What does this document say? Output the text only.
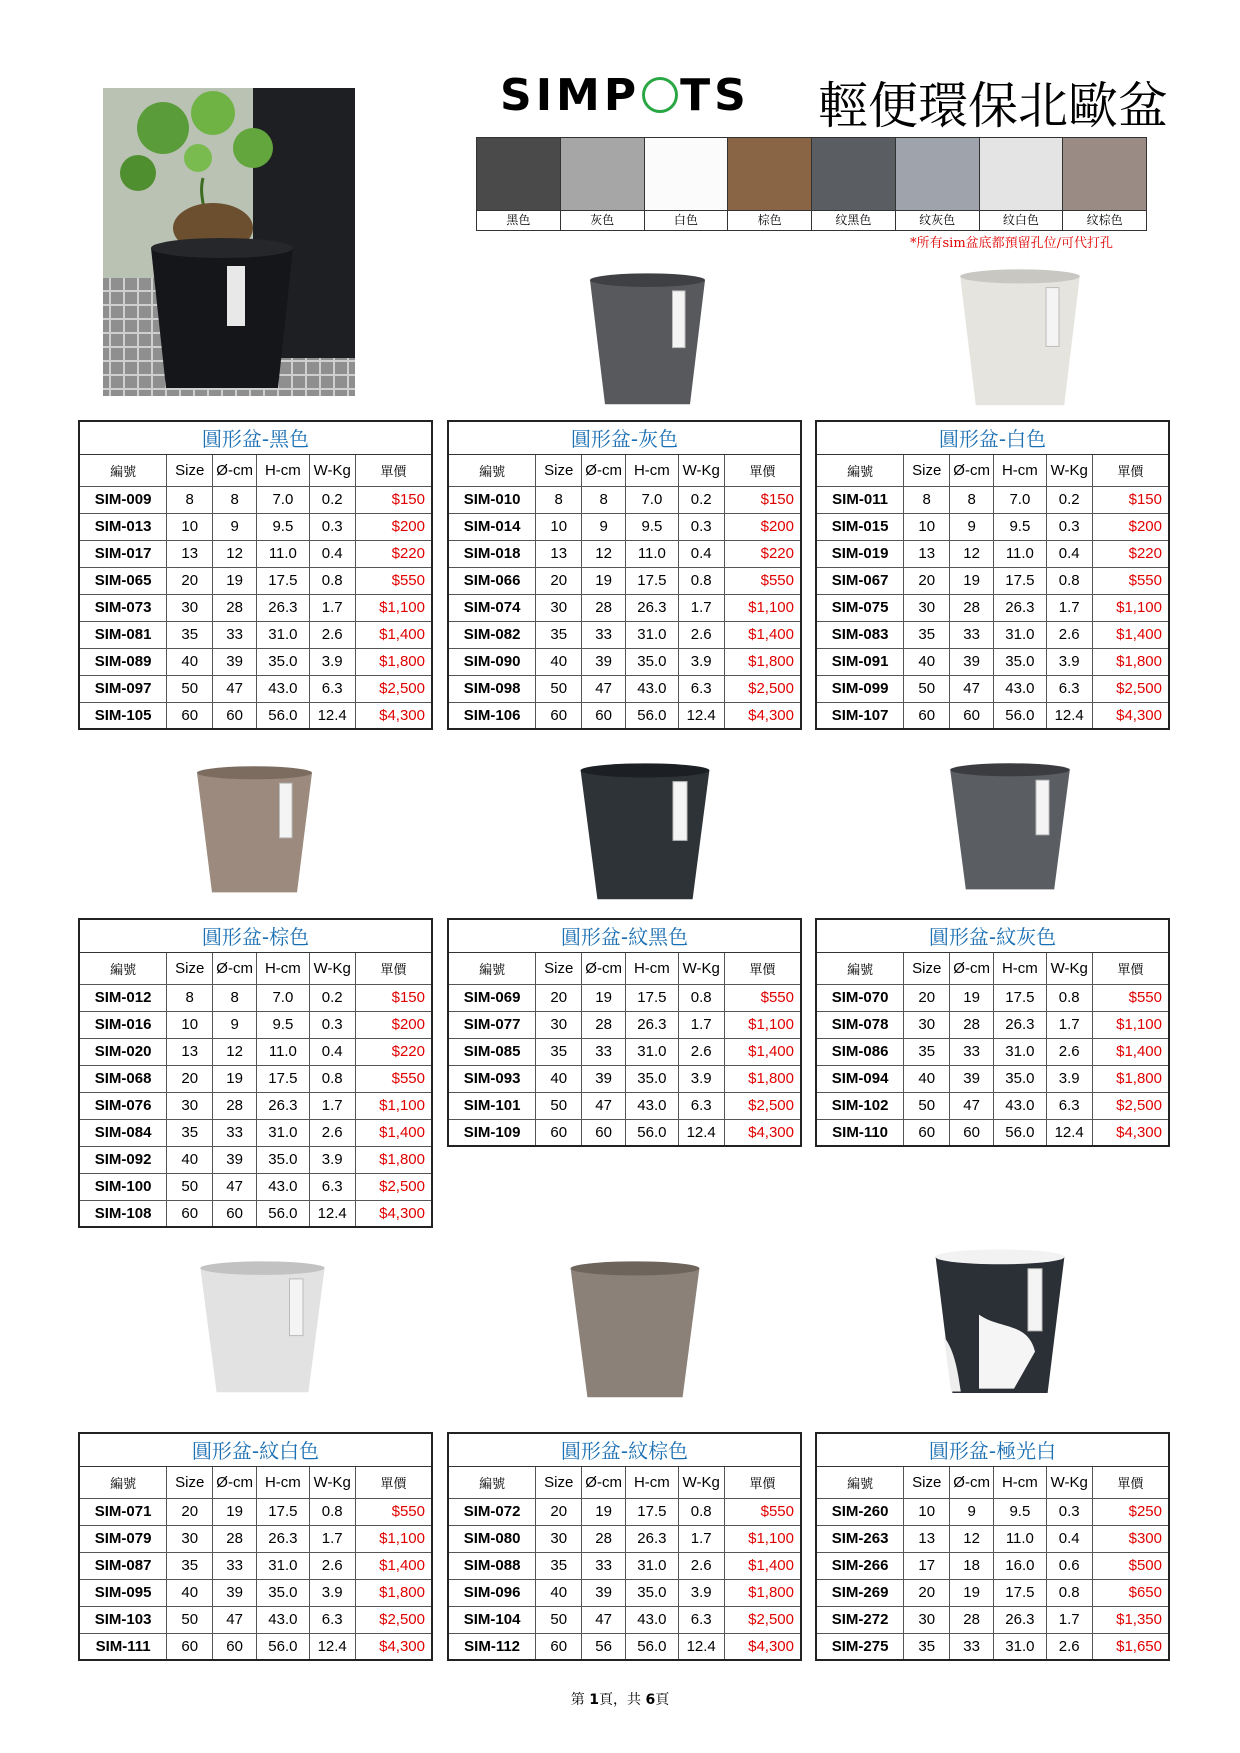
SIMP TS	輕便環保北歐盆
黑色	灰色	白色	棕色	纹黑色	纹灰色	纹白色	纹棕色
*所有sim盆底都預留孔位/可代打孔
圓形盆-黑色					
編號	Size	Ø-cm	H-cm	W-Kg	單價
SIM-009	8	8	7.0	0.2	$150
SIM-013	10	9	9.5	0.3	$200
SIM-017	13	12	11.0	0.4	$220
SIM-065	20	19	17.5	0.8	$550
SIM-073	30	28	26.3	1.7	$1,100
SIM-081	35	33	31.0	2.6	$1,400
SIM-089	40	39	35.0	3.9	$1,800
SIM-097	50	47	43.0	6.3	$2,500
SIM-105	60	60	56.0	12.4	$4,300
圓形盆-灰色					
編號	Size	Ø-cm	H-cm	W-Kg	單價
SIM-010	8	8	7.0	0.2	$150
SIM-014	10	9	9.5	0.3	$200
SIM-018	13	12	11.0	0.4	$220
SIM-066	20	19	17.5	0.8	$550
SIM-074	30	28	26.3	1.7	$1,100
SIM-082	35	33	31.0	2.6	$1,400
SIM-090	40	39	35.0	3.9	$1,800
SIM-098	50	47	43.0	6.3	$2,500
SIM-106	60	60	56.0	12.4	$4,300
圓形盆-白色					
編號	Size	Ø-cm	H-cm	W-Kg	單價
SIM-011	8	8	7.0	0.2	$150
SIM-015	10	9	9.5	0.3	$200
SIM-019	13	12	11.0	0.4	$220
SIM-067	20	19	17.5	0.8	$550
SIM-075	30	28	26.3	1.7	$1,100
SIM-083	35	33	31.0	2.6	$1,400
SIM-091	40	39	35.0	3.9	$1,800
SIM-099	50	47	43.0	6.3	$2,500
SIM-107	60	60	56.0	12.4	$4,300
圓形盆-棕色					
編號	Size	Ø-cm	H-cm	W-Kg	單價
SIM-012	8	8	7.0	0.2	$150
SIM-016	10	9	9.5	0.3	$200
SIM-020	13	12	11.0	0.4	$220
SIM-068	20	19	17.5	0.8	$550
SIM-076	30	28	26.3	1.7	$1,100
SIM-084	35	33	31.0	2.6	$1,400
SIM-092	40	39	35.0	3.9	$1,800
SIM-100	50	47	43.0	6.3	$2,500
SIM-108	60	60	56.0	12.4	$4,300
圓形盆-紋黑色					
編號	Size	Ø-cm	H-cm	W-Kg	單價
SIM-069	20	19	17.5	0.8	$550
SIM-077	30	28	26.3	1.7	$1,100
SIM-085	35	33	31.0	2.6	$1,400
SIM-093	40	39	35.0	3.9	$1,800
SIM-101	50	47	43.0	6.3	$2,500
SIM-109	60	60	56.0	12.4	$4,300
圓形盆-紋灰色					
編號	Size	Ø-cm	H-cm	W-Kg	單價
SIM-070	20	19	17.5	0.8	$550
SIM-078	30	28	26.3	1.7	$1,100
SIM-086	35	33	31.0	2.6	$1,400
SIM-094	40	39	35.0	3.9	$1,800
SIM-102	50	47	43.0	6.3	$2,500
SIM-110	60	60	56.0	12.4	$4,300
圓形盆-紋白色					
編號	Size	Ø-cm	H-cm	W-Kg	單價
SIM-071	20	19	17.5	0.8	$550
SIM-079	30	28	26.3	1.7	$1,100
SIM-087	35	33	31.0	2.6	$1,400
SIM-095	40	39	35.0	3.9	$1,800
SIM-103	50	47	43.0	6.3	$2,500
SIM-111	60	60	56.0	12.4	$4,300
圓形盆-紋棕色					
編號	Size	Ø-cm	H-cm	W-Kg	單價
SIM-072	20	19	17.5	0.8	$550
SIM-080	30	28	26.3	1.7	$1,100
SIM-088	35	33	31.0	2.6	$1,400
SIM-096	40	39	35.0	3.9	$1,800
SIM-104	50	47	43.0	6.3	$2,500
SIM-112	60	56	56.0	12.4	$4,300
圓形盆-極光白					
編號	Size	Ø-cm	H-cm	W-Kg	單價
SIM-260	10	9	9.5	0.3	$250
SIM-263	13	12	11.0	0.4	$300
SIM-266	17	18	16.0	0.6	$500
SIM-269	20	19	17.5	0.8	$650
SIM-272	30	28	26.3	1.7	$1,350
SIM-275	35	33	31.0	2.6	$1,650
第 1頁，共 6頁
